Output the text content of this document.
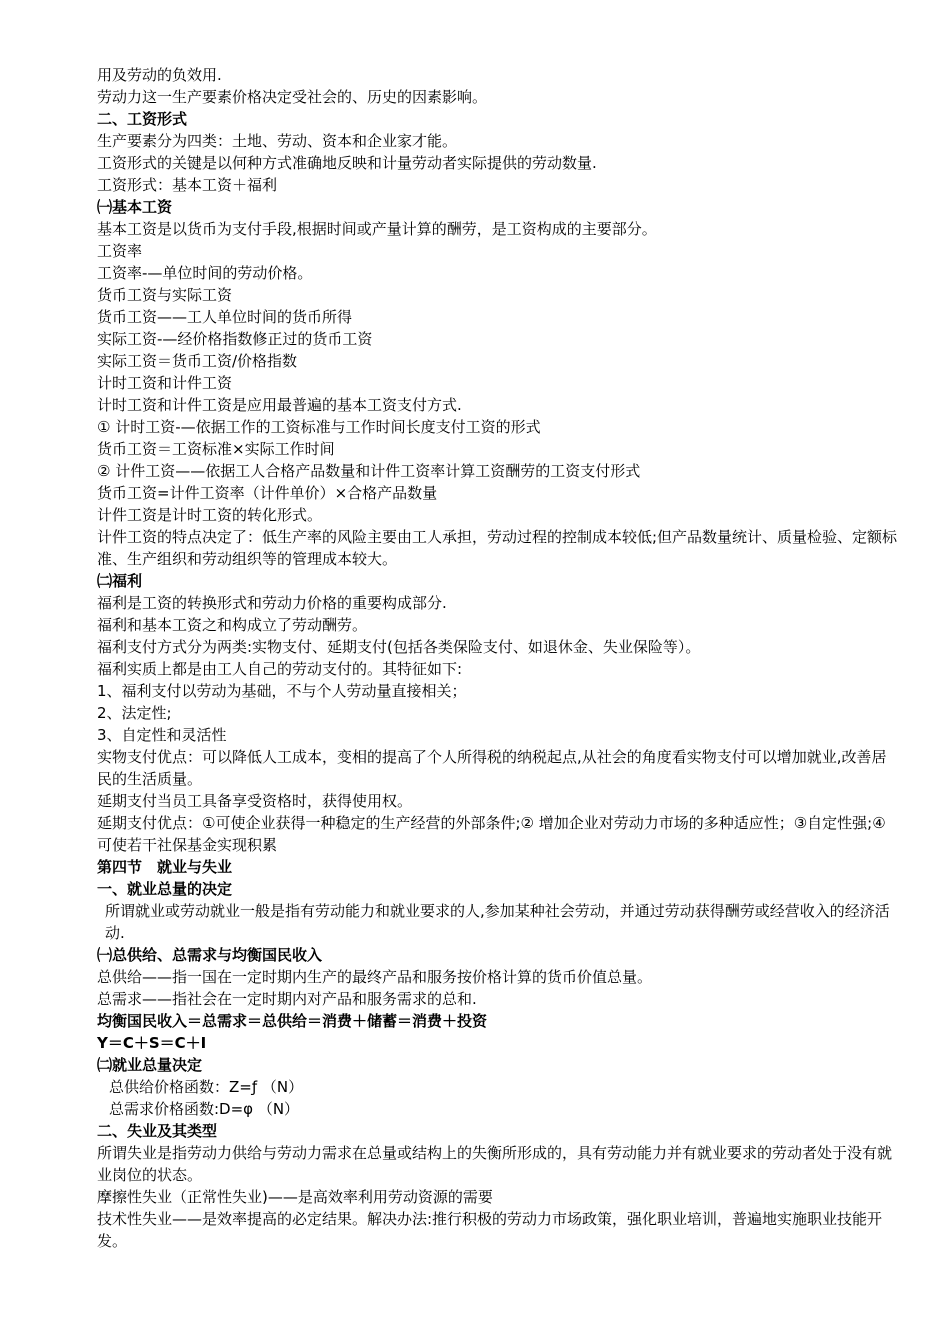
用及劳动的负效用.

劳动力这一生产要素价格决定受社会的、历史的因素影响。

二、工资形式

生产要素分为四类：土地、劳动、资本和企业家才能。

工资形式的关键是以何种方式准确地反映和计量劳动者实际提供的劳动数量.

工资形式：基本工资＋福利

㈠基本工资

基本工资是以货币为支付手段,根据时间或产量计算的酬劳，是工资构成的主要部分。

工资率

工资率-—单位时间的劳动价格。

货币工资与实际工资

货币工资——工人单位时间的货币所得

实际工资-—经价格指数修正过的货币工资

实际工资＝货币工资/价格指数

计时工资和计件工资

计时工资和计件工资是应用最普遍的基本工资支付方式.

① 计时工资-—依据工作的工资标准与工作时间长度支付工资的形式

货币工资＝工资标准×实际工作时间

② 计件工资——依据工人合格产品数量和计件工资率计算工资酬劳的工资支付形式

货币工资=计件工资率（计件单价）×合格产品数量

计件工资是计时工资的转化形式。

计件工资的特点决定了：低生产率的风险主要由工人承担，劳动过程的控制成本较低;但产品数量统计、质量检验、定额标准、生产组织和劳动组织等的管理成本较大。

㈡福利

福利是工资的转换形式和劳动力价格的重要构成部分.

福利和基本工资之和构成立了劳动酬劳。

福利支付方式分为两类:实物支付、延期支付(包括各类保险支付、如退休金、失业保险等）。

福利实质上都是由工人自己的劳动支付的。其特征如下:

1、福利支付以劳动为基础，不与个人劳动量直接相关；

2、法定性;

3、自定性和灵活性

实物支付优点：可以降低人工成本，变相的提高了个人所得税的纳税起点,从社会的角度看实物支付可以增加就业,改善居民的生活质量。

延期支付当员工具备享受资格时，获得使用权。

延期支付优点：①可使企业获得一种稳定的生产经营的外部条件;② 增加企业对劳动力市场的多种适应性；③自定性强;④ 可使若干社保基金实现积累

第四节　就业与失业

一、就业总量的决定

所谓就业或劳动就业一般是指有劳动能力和就业要求的人,参加某种社会劳动，并通过劳动获得酬劳或经营收入的经济活动.

㈠总供给、总需求与均衡国民收入

总供给——指一国在一定时期内生产的最终产品和服务按价格计算的货币价值总量。

总需求——指社会在一定时期内对产品和服务需求的总和.

均衡国民收入＝总需求＝总供给＝消费＋储蓄＝消费＋投资

Y＝C＋S＝C＋I

㈡就业总量决定

总供给价格函数：Z=ƒ （N）

总需求价格函数:D=φ （N）

二、失业及其类型

所谓失业是指劳动力供给与劳动力需求在总量或结构上的失衡所形成的，具有劳动能力并有就业要求的劳动者处于没有就业岗位的状态。

摩擦性失业（正常性失业)——是高效率利用劳动资源的需要

技术性失业——是效率提高的必定结果。解决办法:推行积极的劳动力市场政策，强化职业培训，普遍地实施职业技能开发。
